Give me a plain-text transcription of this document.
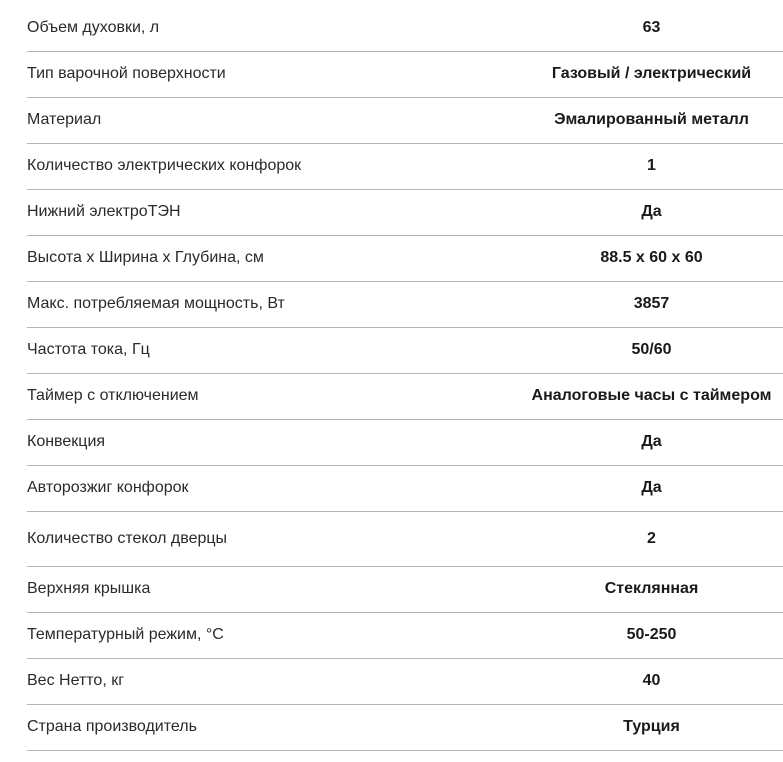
Объем духовки, л	63
Тип варочной поверхности	Газовый / электрический
Материал	Эмалированный металл
Количество электрических конфорок	1
Нижний электроТЭН	Да
Высота x Ширина x Глубина, см	88.5 x 60 x 60
Макс. потребляемая мощность, Вт	3857
Частота тока, Гц	50/60
Таймер с отключением	Аналоговые часы с таймером
Конвекция	Да
Авторозжиг конфорок	Да
Количество стекол дверцы	2
Верхняя крышка	Стеклянная
Температурный режим, °C	50-250
Вес Нетто, кг	40
Страна производитель	Турция
